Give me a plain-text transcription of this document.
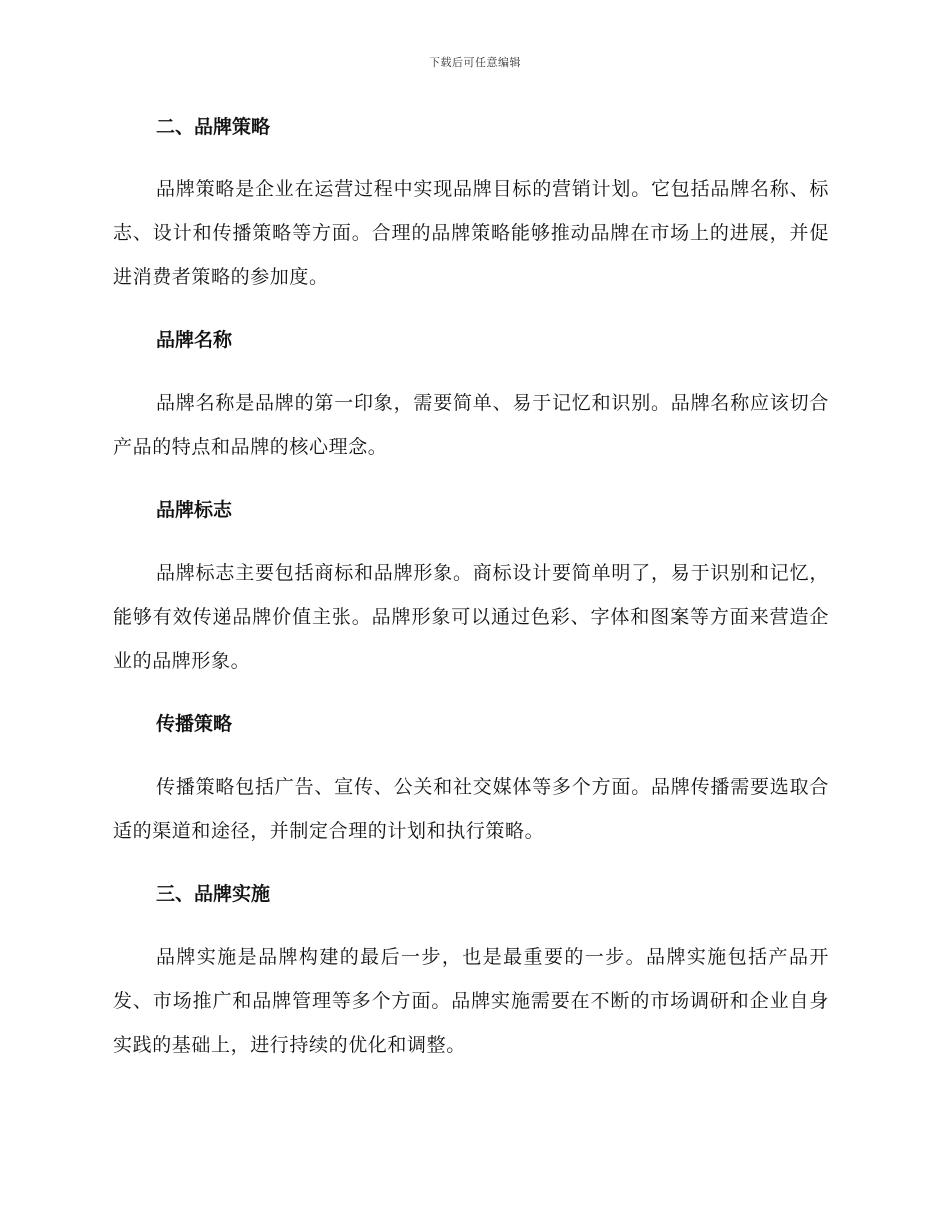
下载后可任意编辑
二、品牌策略

品牌策略是企业在运营过程中实现品牌目标的营销计划。它包括品牌名称、标志、设计和传播策略等方面。合理的品牌策略能够推动品牌在市场上的进展，并促进消费者策略的参加度。

品牌名称

品牌名称是品牌的第一印象，需要简单、易于记忆和识别。品牌名称应该切合产品的特点和品牌的核心理念。

品牌标志

品牌标志主要包括商标和品牌形象。商标设计要简单明了，易于识别和记忆，能够有效传递品牌价值主张。品牌形象可以通过色彩、字体和图案等方面来营造企业的品牌形象。

传播策略

传播策略包括广告、宣传、公关和社交媒体等多个方面。品牌传播需要选取合适的渠道和途径，并制定合理的计划和执行策略。

三、品牌实施

品牌实施是品牌构建的最后一步，也是最重要的一步。品牌实施包括产品开发、市场推广和品牌管理等多个方面。品牌实施需要在不断的市场调研和企业自身实践的基础上，进行持续的优化和调整。
